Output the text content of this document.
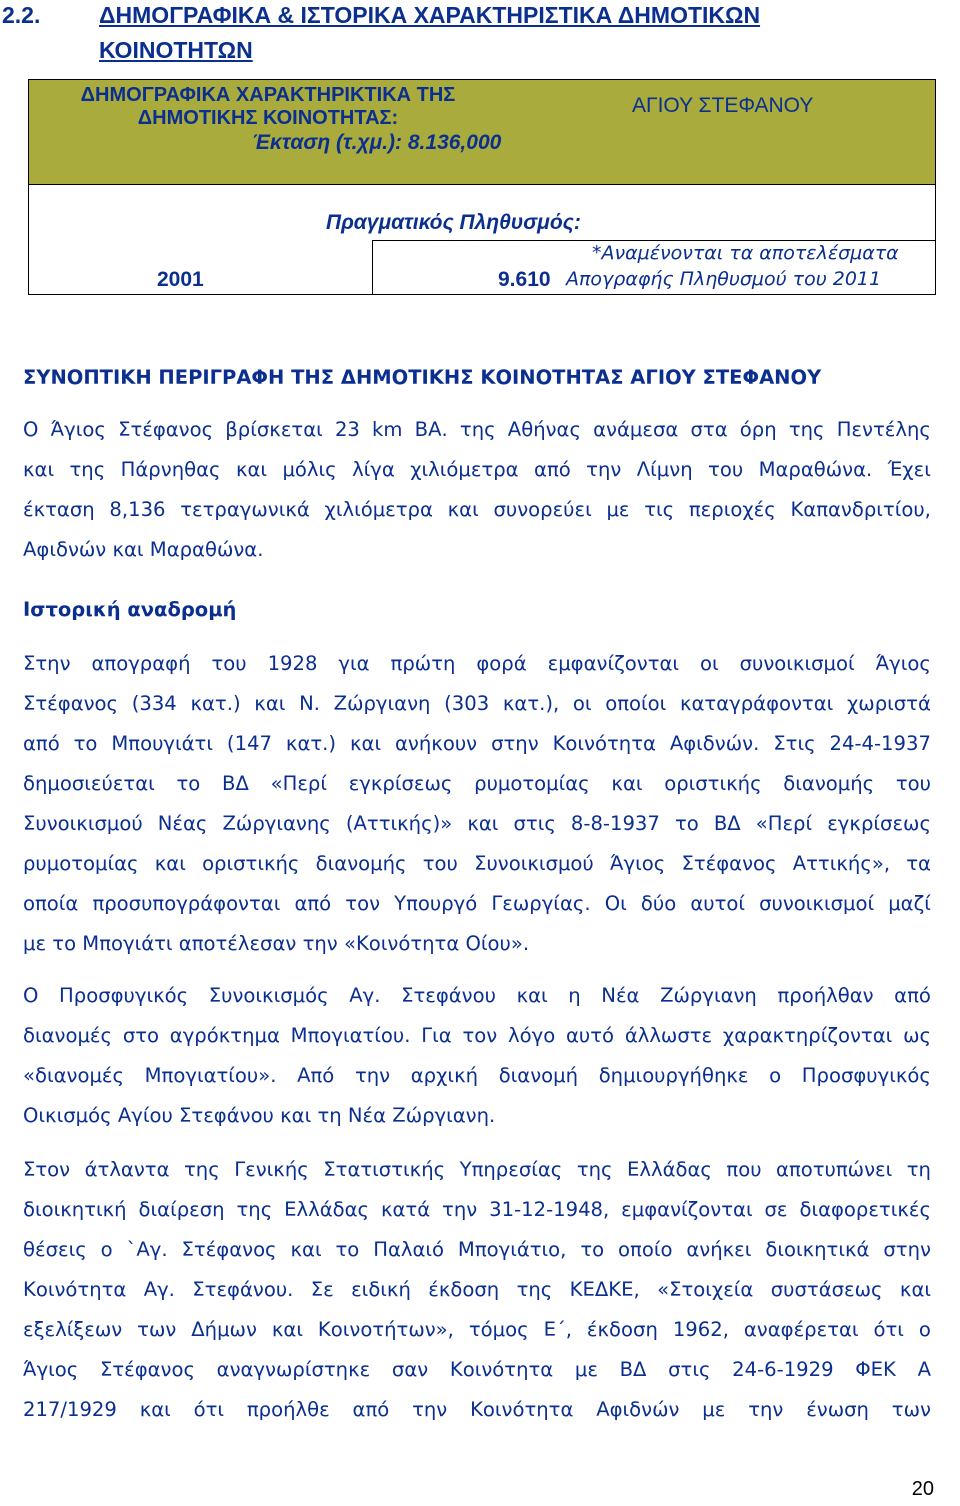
2.2.	ΔΗΜΟΓΡΑΦΙΚΑ & ΙΣΤΟΡΙΚΑ ΧΑΡΑΚΤΗΡΙΣΤΙΚΑ ΔΗΜΟΤΙΚΩΝ
ΚΟΙΝΟΤΗΤΩΝ
ΔΗΜΟΓΡΑΦΙΚΑ ΧΑΡΑΚΤΗΡΙΚΤΙΚΑ ΤΗΣ
ΔΗΜΟΤΙΚΗΣ ΚΟΙΝΟΤΗΤΑΣ:
ΑΓΙΟΥ ΣΤΕΦΑΝΟΥ
Έκταση (τ.χμ.): 8.136,000
Πραγματικός Πληθυσμός:
2001	9.610
*Αναμένονται τα αποτελέσματα
Απογραφής Πληθυσμού του 2011
ΣΥΝΟΠΤΙΚΗ ΠΕΡΙΓΡΑΦΗ ΤΗΣ ΔΗΜΟΤΙΚΗΣ ΚΟΙΝΟΤΗΤΑΣ ΑΓΙΟΥ ΣΤΕΦΑΝΟΥ
Ο Άγιος Στέφανος βρίσκεται 23 km ΒΑ. της Αθήνας ανάμεσα στα όρη της Πεντέλης
και της Πάρνηθας και μόλις λίγα χιλιόμετρα από την Λίμνη του Μαραθώνα. Έχει
έκταση 8,136 τετραγωνικά χιλιόμετρα και συνορεύει με τις περιοχές Καπανδριτίου,
Αφιδνών και Μαραθώνα.
Ιστορική αναδρομή
Στην απογραφή του 1928 για πρώτη φορά εμφανίζονται οι συνοικισμοί Άγιος
Στέφανος (334 κατ.) και Ν. Ζώργιανη (303 κατ.), οι οποίοι καταγράφονται χωριστά
από το Μπουγιάτι (147 κατ.) και ανήκουν στην Κοινότητα Αφιδνών. Στις 24-4-1937
δημοσιεύεται το ΒΔ «Περί εγκρίσεως ρυμοτομίας και οριστικής διανομής του
Συνοικισμού Νέας Ζώργιανης (Αττικής)» και στις 8-8-1937 το ΒΔ «Περί εγκρίσεως
ρυμοτομίας και οριστικής διανομής του Συνοικισμού Άγιος Στέφανος Αττικής», τα
οποία προσυπογράφονται από τον Υπουργό Γεωργίας. Οι δύο αυτοί συνοικισμοί μαζί
με το Μπογιάτι αποτέλεσαν την «Κοινότητα Οίου».
Ο Προσφυγικός Συνοικισμός Αγ. Στεφάνου και η Νέα Ζώργιανη προήλθαν από
διανομές στο αγρόκτημα Μπογιατίου. Για τον λόγο αυτό άλλωστε χαρακτηρίζονται ως
«διανομές Μπογιατίου». Από την αρχική διανομή δημιουργήθηκε ο Προσφυγικός
Οικισμός Αγίου Στεφάνου και τη Νέα Ζώργιανη.
Στον άτλαντα της Γενικής Στατιστικής Υπηρεσίας της Ελλάδας που αποτυπώνει τη
διοικητική διαίρεση της Ελλάδας κατά την 31-12-1948, εμφανίζονται σε διαφορετικές
θέσεις ο `Αγ. Στέφανος και το Παλαιό Μπογιάτιο, το οποίο ανήκει διοικητικά στην
Κοινότητα Αγ. Στεφάνου. Σε ειδική έκδοση της ΚΕΔΚΕ, «Στοιχεία συστάσεως και
εξελίξεων των Δήμων και Κοινοτήτων», τόμος Ε΄, έκδοση 1962, αναφέρεται ότι ο
Άγιος Στέφανος αναγνωρίστηκε σαν Κοινότητα με ΒΔ στις 24-6-1929 ΦΕΚ Α
217/1929 και ότι προήλθε από την Κοινότητα Αφιδνών με την ένωση των
20
